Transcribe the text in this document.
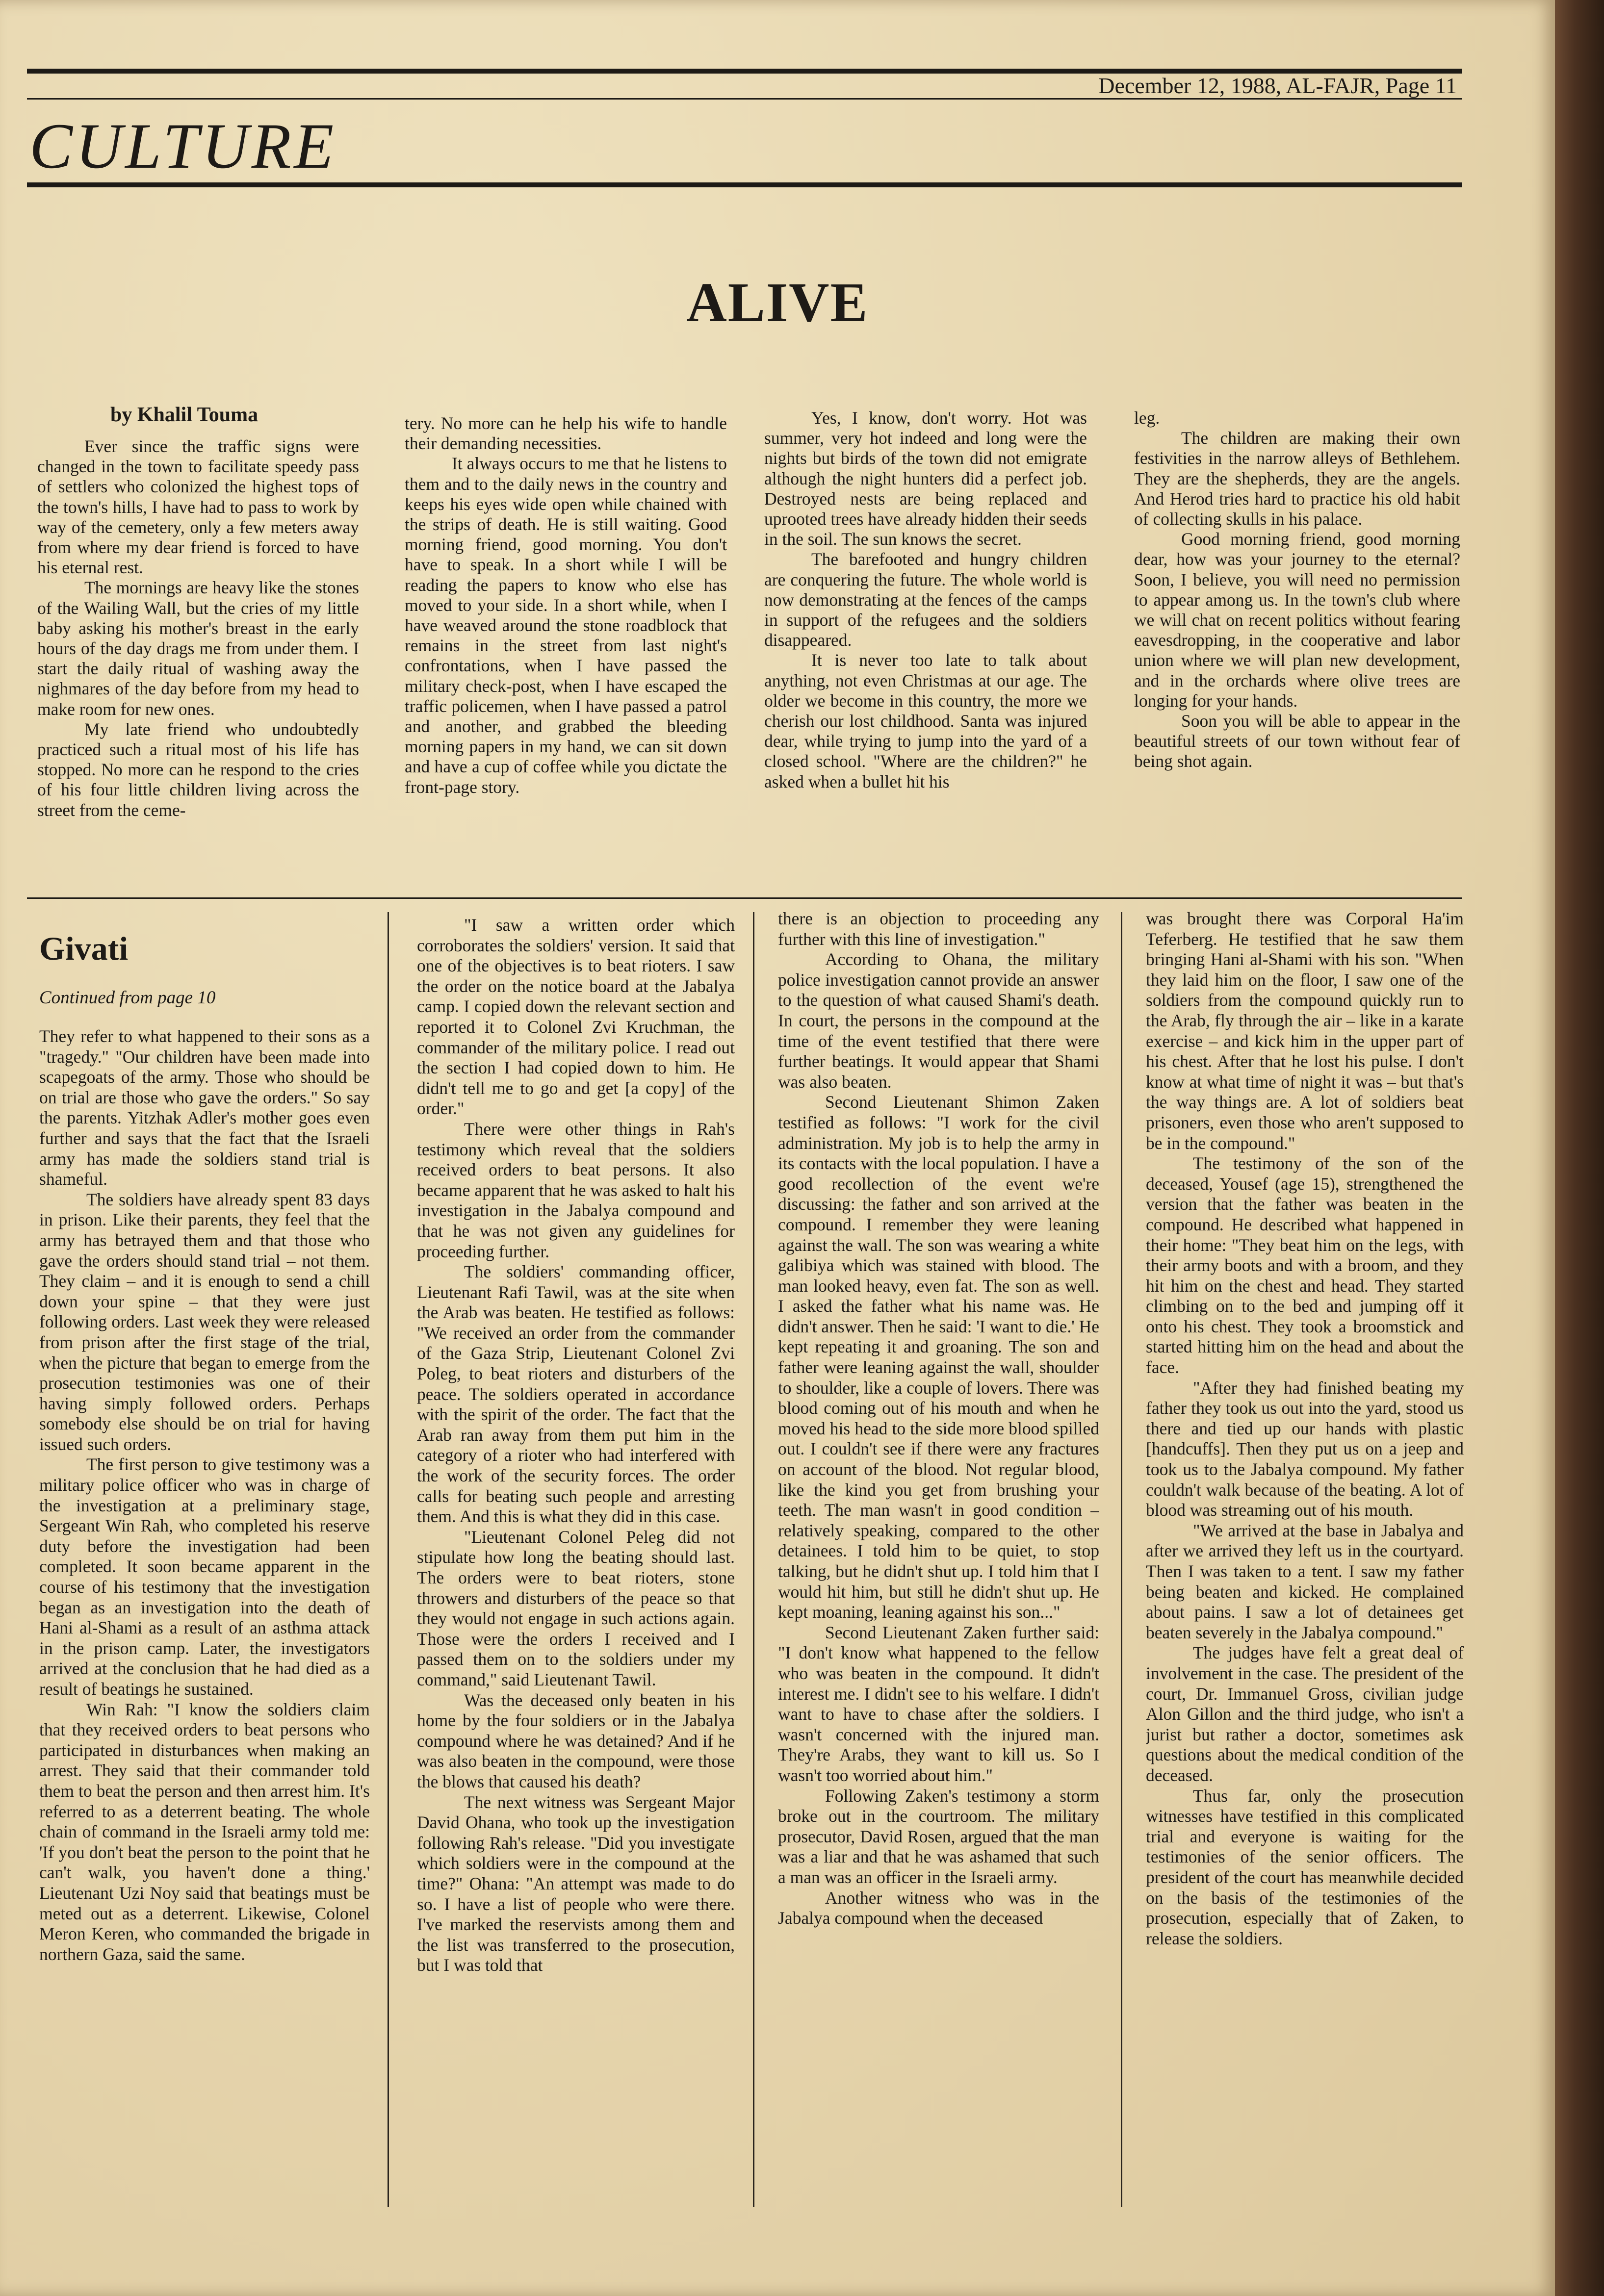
December 12, 1988, AL-FAJR, Page 11
CULTURE
ALIVE
by Khalil Touma

Ever since the traffic signs were changed in the town to facilitate speedy pass of settlers who colonized the highest tops of the town's hills, I have had to pass to work by way of the cemetery, only a few meters away from where my dear friend is forced to have his eternal rest.

The mornings are heavy like the stones of the Wailing Wall, but the cries of my little baby asking his mother's breast in the early hours of the day drags me from under them. I start the daily ritual of washing away the nighmares of the day before from my head to make room for new ones.

My late friend who undoubtedly practiced such a ritual most of his life has stopped. No more can he respond to the cries of his four little children living across the street from the ceme-

tery. No more can he help his wife to handle their demanding necessities.

It always occurs to me that he listens to them and to the daily news in the country and keeps his eyes wide open while chained with the strips of death. He is still waiting. Good morning friend, good morning. You don't have to speak. In a short while I will be reading the papers to know who else has moved to your side. In a short while, when I have weaved around the stone roadblock that remains in the street from last night's confrontations, when I have passed the military check-post, when I have escaped the traffic policemen, when I have passed a patrol and another, and grabbed the bleeding morning papers in my hand, we can sit down and have a cup of coffee while you dictate the front-page story.

Yes, I know, don't worry. Hot was summer, very hot indeed and long were the nights but birds of the town did not emigrate although the night hunters did a perfect job. Destroyed nests are being replaced and uprooted trees have already hidden their seeds in the soil. The sun knows the secret.

The barefooted and hungry children are conquering the future. The whole world is now demonstrating at the fences of the camps in support of the refugees and the soldiers disappeared.

It is never too late to talk about anything, not even Christmas at our age. The older we become in this country, the more we cherish our lost childhood. Santa was injured dear, while trying to jump into the yard of a closed school. "Where are the children?" he asked when a bullet hit his

leg.

The children are making their own festivities in the narrow alleys of Bethlehem. They are the shepherds, they are the angels. And Herod tries hard to practice his old habit of collecting skulls in his palace.

Good morning friend, good morning dear, how was your journey to the eternal? Soon, I believe, you will need no permission to appear among us. In the town's club where we will chat on recent politics without fearing eavesdropping, in the cooperative and labor union where we will plan new development, and in the orchards where olive trees are longing for your hands.

Soon you will be able to appear in the beautiful streets of our town without fear of being shot again.

Givati
Continued from page 10

They refer to what happened to their sons as a "tragedy." "Our children have been made into scapegoats of the army. Those who should be on trial are those who gave the orders." So say the parents. Yitzhak Adler's mother goes even further and says that the fact that the Israeli army has made the soldiers stand trial is shameful.

The soldiers have already spent 83 days in prison. Like their parents, they feel that the army has betrayed them and that those who gave the orders should stand trial – not them. They claim – and it is enough to send a chill down your spine – that they were just following orders. Last week they were released from prison after the first stage of the trial, when the picture that began to emerge from the prosecution testimonies was one of their having simply followed orders. Perhaps somebody else should be on trial for having issued such orders.

The first person to give testimony was a military police officer who was in charge of the investigation at a preliminary stage, Sergeant Win Rah, who completed his reserve duty before the investigation had been completed. It soon became apparent in the course of his testimony that the investigation began as an investigation into the death of Hani al-Shami as a result of an asthma attack in the prison camp. Later, the investigators arrived at the conclusion that he had died as a result of beatings he sustained.

Win Rah: "I know the soldiers claim that they received orders to beat persons who participated in disturbances when making an arrest. They said that their commander told them to beat the person and then arrest him. It's referred to as a deterrent beating. The whole chain of command in the Israeli army told me: 'If you don't beat the person to the point that he can't walk, you haven't done a thing.' Lieutenant Uzi Noy said that beatings must be meted out as a deterrent. Likewise, Colonel Meron Keren, who commanded the brigade in northern Gaza, said the same.

"I saw a written order which corroborates the soldiers' version. It said that one of the objectives is to beat rioters. I saw the order on the notice board at the Jabalya camp. I copied down the relevant section and reported it to Colonel Zvi Kruchman, the commander of the military police. I read out the section I had copied down to him. He didn't tell me to go and get [a copy] of the order."

There were other things in Rah's testimony which reveal that the soldiers received orders to beat persons. It also became apparent that he was asked to halt his investigation in the Jabalya compound and that he was not given any guidelines for proceeding further.

The soldiers' commanding officer, Lieutenant Rafi Tawil, was at the site when the Arab was beaten. He testified as follows: "We received an order from the commander of the Gaza Strip, Lieutenant Colonel Zvi Poleg, to beat rioters and disturbers of the peace. The soldiers operated in accordance with the spirit of the order. The fact that the Arab ran away from them put him in the category of a rioter who had interfered with the work of the security forces. The order calls for beating such people and arresting them. And this is what they did in this case.

"Lieutenant Colonel Peleg did not stipulate how long the beating should last. The orders were to beat rioters, stone throwers and disturbers of the peace so that they would not engage in such actions again. Those were the orders I received and I passed them on to the soldiers under my command," said Lieutenant Tawil.

Was the deceased only beaten in his home by the four soldiers or in the Jabalya compound where he was detained? And if he was also beaten in the compound, were those the blows that caused his death?

The next witness was Sergeant Major David Ohana, who took up the investigation following Rah's release. "Did you investigate which soldiers were in the compound at the time?" Ohana: "An attempt was made to do so. I have a list of people who were there. I've marked the reservists among them and the list was transferred to the prosecution, but I was told that

there is an objection to proceeding any further with this line of investigation."

According to Ohana, the military police investigation cannot provide an answer to the question of what caused Shami's death. In court, the persons in the compound at the time of the event testified that there were further beatings. It would appear that Shami was also beaten.

Second Lieutenant Shimon Zaken testified as follows: "I work for the civil administration. My job is to help the army in its contacts with the local population. I have a good recollection of the event we're discussing: the father and son arrived at the compound. I remember they were leaning against the wall. The son was wearing a white galibiya which was stained with blood. The man looked heavy, even fat. The son as well. I asked the father what his name was. He didn't answer. Then he said: 'I want to die.' He kept repeating it and groaning. The son and father were leaning against the wall, shoulder to shoulder, like a couple of lovers. There was blood coming out of his mouth and when he moved his head to the side more blood spilled out. I couldn't see if there were any fractures on account of the blood. Not regular blood, like the kind you get from brushing your teeth. The man wasn't in good condition – relatively speaking, compared to the other detainees. I told him to be quiet, to stop talking, but he didn't shut up. I told him that I would hit him, but still he didn't shut up. He kept moaning, leaning against his son..."

Second Lieutenant Zaken further said: "I don't know what happened to the fellow who was beaten in the compound. It didn't interest me. I didn't see to his welfare. I didn't want to have to chase after the soldiers. I wasn't concerned with the injured man. They're Arabs, they want to kill us. So I wasn't too worried about him."

Following Zaken's testimony a storm broke out in the courtroom. The military prosecutor, David Rosen, argued that the man was a liar and that he was ashamed that such a man was an officer in the Israeli army.

Another witness who was in the Jabalya compound when the deceased

was brought there was Corporal Ha'im Teferberg. He testified that he saw them bringing Hani al-Shami with his son. "When they laid him on the floor, I saw one of the soldiers from the compound quickly run to the Arab, fly through the air – like in a karate exercise – and kick him in the upper part of his chest. After that he lost his pulse. I don't know at what time of night it was – but that's the way things are. A lot of soldiers beat prisoners, even those who aren't supposed to be in the compound."

The testimony of the son of the deceased, Yousef (age 15), strengthened the version that the father was beaten in the compound. He described what happened in their home: "They beat him on the legs, with their army boots and with a broom, and they hit him on the chest and head. They started climbing on to the bed and jumping off it onto his chest. They took a broomstick and started hitting him on the head and about the face.

"After they had finished beating my father they took us out into the yard, stood us there and tied up our hands with plastic [handcuffs]. Then they put us on a jeep and took us to the Jabalya compound. My father couldn't walk because of the beating. A lot of blood was streaming out of his mouth.

"We arrived at the base in Jabalya and after we arrived they left us in the courtyard. Then I was taken to a tent. I saw my father being beaten and kicked. He complained about pains. I saw a lot of detainees get beaten severely in the Jabalya compound."

The judges have felt a great deal of involvement in the case. The president of the court, Dr. Immanuel Gross, civilian judge Alon Gillon and the third judge, who isn't a jurist but rather a doctor, sometimes ask questions about the medical condition of the deceased.

Thus far, only the prosecution witnesses have testified in this complicated trial and everyone is waiting for the testimonies of the senior officers. The president of the court has meanwhile decided on the basis of the testimonies of the prosecution, especially that of Zaken, to release the soldiers.
